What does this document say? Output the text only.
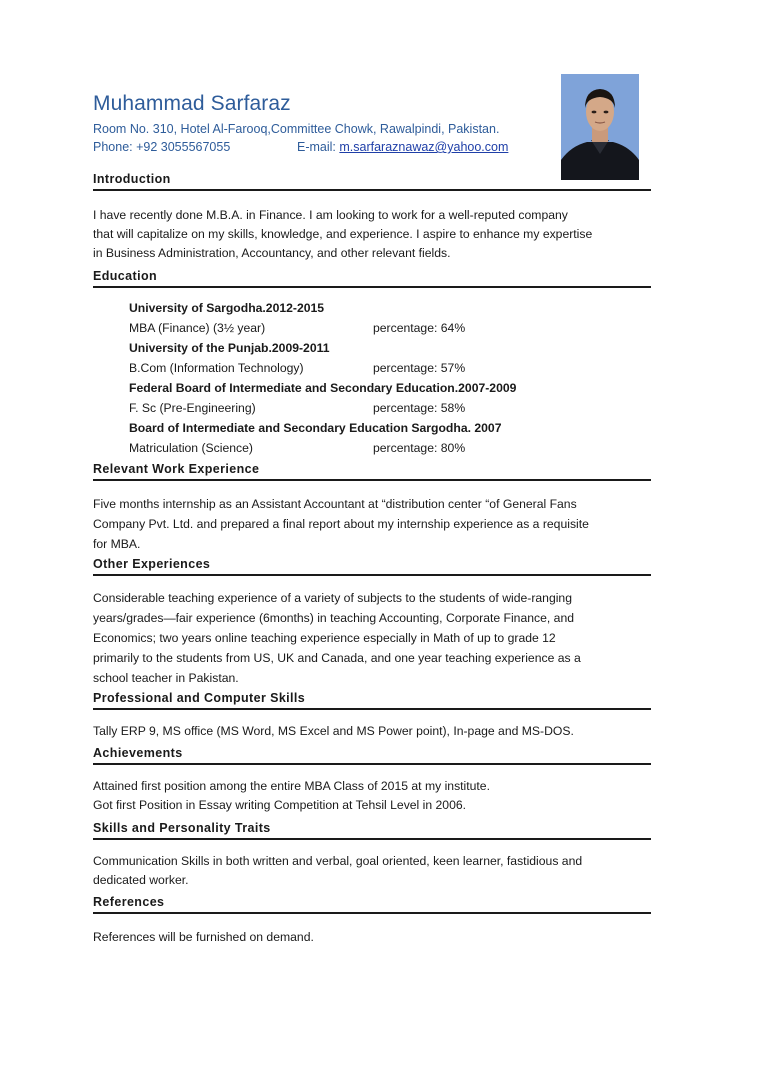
Muhammad Sarfaraz
Room No. 310, Hotel Al-Farooq,Committee Chowk, Rawalpindi, Pakistan.
Phone: +92 3055567055	E-mail: m.sarfaraznawaz@yahoo.com
Introduction
I have recently done M.B.A. in Finance. I am looking to work for a well-reputed company
that will capitalize on my skills, knowledge, and experience. I aspire to enhance my expertise
in Business Administration, Accountancy, and other relevant fields.
Education
University of Sargodha.2012-2015
MBA (Finance) (3½ year)	percentage: 64%
University of the Punjab.2009-2011
B.Com (Information Technology)	percentage: 57%
Federal Board of Intermediate and Secondary Education.2007-2009
F. Sc (Pre-Engineering)	percentage: 58%
Board of Intermediate and Secondary Education Sargodha. 2007
Matriculation (Science)	percentage: 80%
Relevant Work Experience
Five months internship as an Assistant Accountant at “distribution center “of General Fans
Company Pvt. Ltd. and prepared a final report about my internship experience as a requisite
for MBA.
Other Experiences
Considerable teaching experience of a variety of subjects to the students of wide-ranging
years/grades—fair experience (6months) in teaching Accounting, Corporate Finance, and
Economics; two years online teaching experience especially in Math of up to grade 12
primarily to the students from US, UK and Canada, and one year teaching experience as a
school teacher in Pakistan.
Professional and Computer Skills
Tally ERP 9, MS office (MS Word, MS Excel and MS Power point), In-page and MS-DOS.
Achievements
Attained first position among the entire MBA Class of 2015 at my institute.
Got first Position in Essay writing Competition at Tehsil Level in 2006.
Skills and Personality Traits
Communication Skills in both written and verbal, goal oriented, keen learner, fastidious and
dedicated worker.
References
References will be furnished on demand.
